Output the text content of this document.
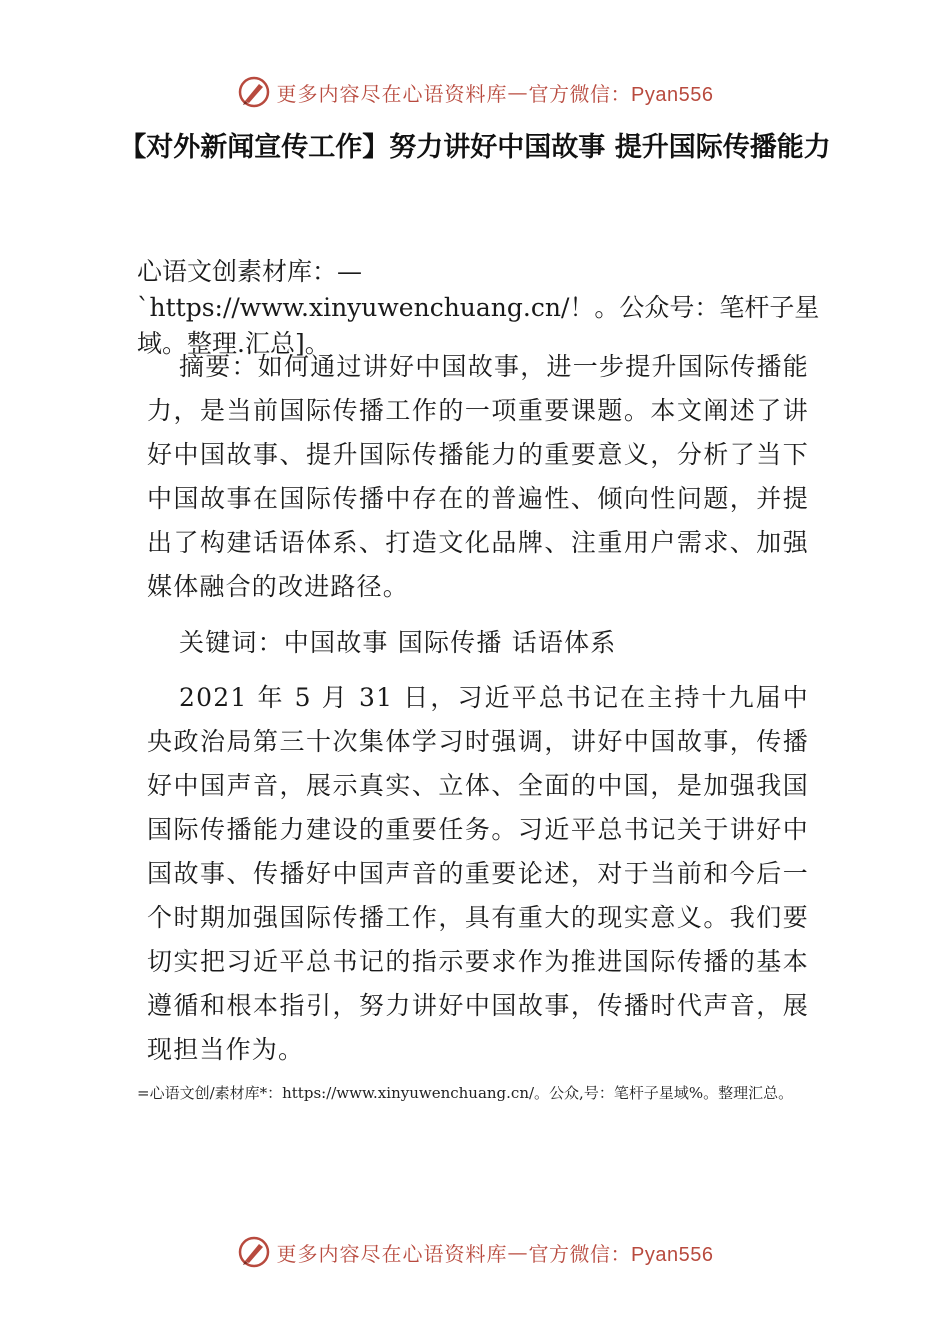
更多内容尽在心语资料库 — 官方微信：Pyan556
【对外新闻宣传工作】努力讲好中国故事 提升国际传播能力

心语文创素材库：—`https://www.xinyuwenchuang.cn/！。公众号：笔杆子星域。整理.汇总]。

摘要：如何通过讲好中国故事，进一步提升国际传播能力，是当前国际传播工作的一项重要课题。本文阐述了讲好中国故事、提升国际传播能力的重要意义，分析了当下中国故事在国际传播中存在的普遍性、倾向性问题，并提出了构建话语体系、打造文化品牌、注重用户需求、加强媒体融合的改进路径。

关键词：中国故事 国际传播 话语体系

2021 年 5 月 31 日，习近平总书记在主持十九届中央政治局第三十次集体学习时强调，讲好中国故事，传播好中国声音，展示真实、立体、全面的中国，是加强我国国际传播能力建设的重要任务。习近平总书记关于讲好中国故事、传播好中国声音的重要论述，对于当前和今后一个时期加强国际传播工作，具有重大的现实意义。我们要切实把习近平总书记的指示要求作为推进国际传播的基本遵循和根本指引，努力讲好中国故事，传播时代声音，展现担当作为。

=心语文创/素材库*：https://www.xinyuwenchuang.cn/。公众,号：笔杆子星域%。整理汇总。

更多内容尽在心语资料库 — 官方微信：Pyan556
